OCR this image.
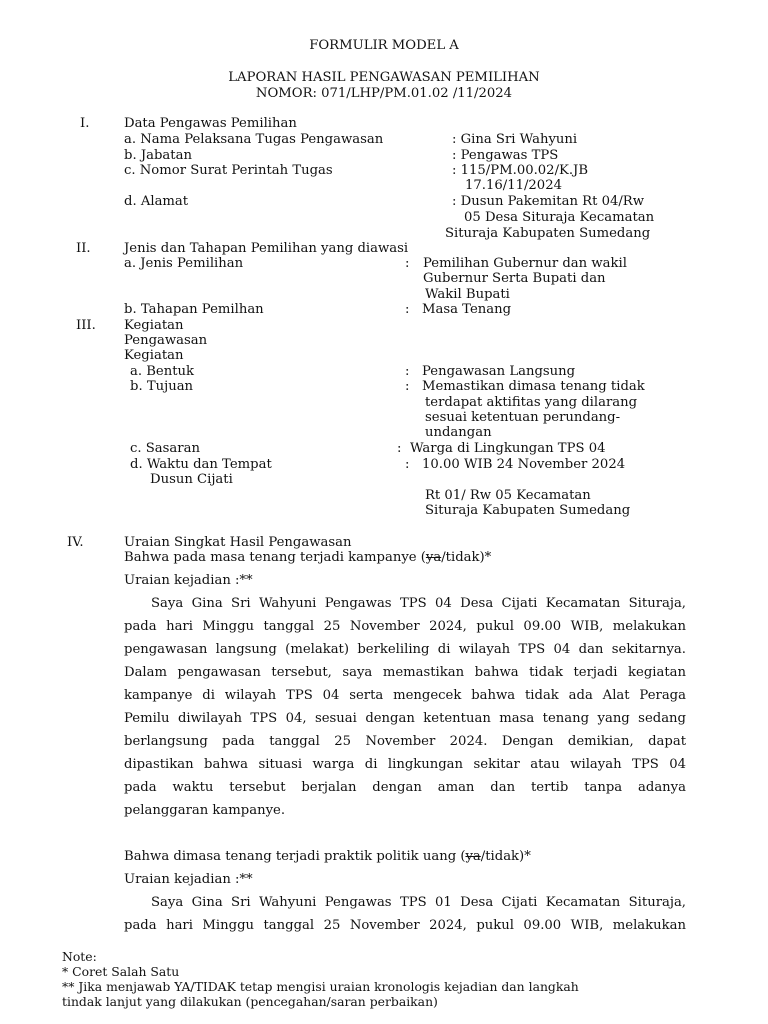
FORMULIR MODEL A
LAPORAN HASIL PENGAWASAN PEMILIHAN
NOMOR: 071/LHP/PM.01.02 /11/2024
I.	Data Pengawas Pemilihan
a. Nama Pelaksana Tugas Pengawasan	: Gina Sri Wahyuni
b. Jabatan	: Pengawas TPS
c. Nomor Surat Perintah Tugas	: 115/PM.00.02/K.JB
17.16/11/2024
d. Alamat	: Dusun Pakemitan Rt 04/Rw
05 Desa Situraja Kecamatan
Situraja Kabupaten Sumedang
II.	Jenis dan Tahapan Pemilihan yang diawasi
a. Jenis Pemilihan	: Pemilihan Gubernur dan wakil
Gubernur Serta Bupati dan
Wakil Bupati
b. Tahapan Pemilhan	: Masa Tenang
III. Kegiatan
Pengawasan
Kegiatan
a. Bentuk	: Pengawasan Langsung
b. Tujuan	: Memastikan dimasa tenang tidak
terdapat aktifitas yang dilarang
sesuai ketentuan perundang-
undangan
c. Sasaran	: Warga di Lingkungan TPS 04
d. Waktu dan Tempat	: 10.00 WIB 24 November 2024
Dusun Cijati
Rt 01/ Rw 05 Kecamatan
Situraja Kabupaten Sumedang
IV.	Uraian Singkat Hasil Pengawasan
Bahwa pada masa tenang terjadi kampanye (ya/tidak)*
Uraian kejadian :**
Saya Gina Sri Wahyuni Pengawas TPS 04 Desa Cijati Kecamatan Situraja,
pada hari Minggu tanggal 25 November 2024, pukul 09.00 WIB, melakukan
pengawasan langsung (melakat) berkeliling di wilayah TPS 04 dan sekitarnya.
Dalam pengawasan tersebut, saya memastikan bahwa tidak terjadi kegiatan
kampanye di wilayah TPS 04 serta mengecek bahwa tidak ada Alat Peraga
Pemilu diwilayah TPS 04, sesuai dengan ketentuan masa tenang yang sedang
berlangsung pada tanggal 25 November 2024. Dengan demikian, dapat
dipastikan bahwa situasi warga di lingkungan sekitar atau wilayah TPS 04
pada waktu tersebut berjalan dengan aman dan tertib tanpa adanya
pelanggaran kampanye.
Bahwa dimasa tenang terjadi praktik politik uang (ya/tidak)*
Uraian kejadian :**
Saya Gina Sri Wahyuni Pengawas TPS 01 Desa Cijati Kecamatan Situraja,
pada hari Minggu tanggal 25 November 2024, pukul 09.00 WIB, melakukan
Note:
* Coret Salah Satu
** Jika menjawab YA/TIDAK tetap mengisi uraian kronologis kejadian dan langkah
tindak lanjut yang dilakukan (pencegahan/saran perbaikan)
